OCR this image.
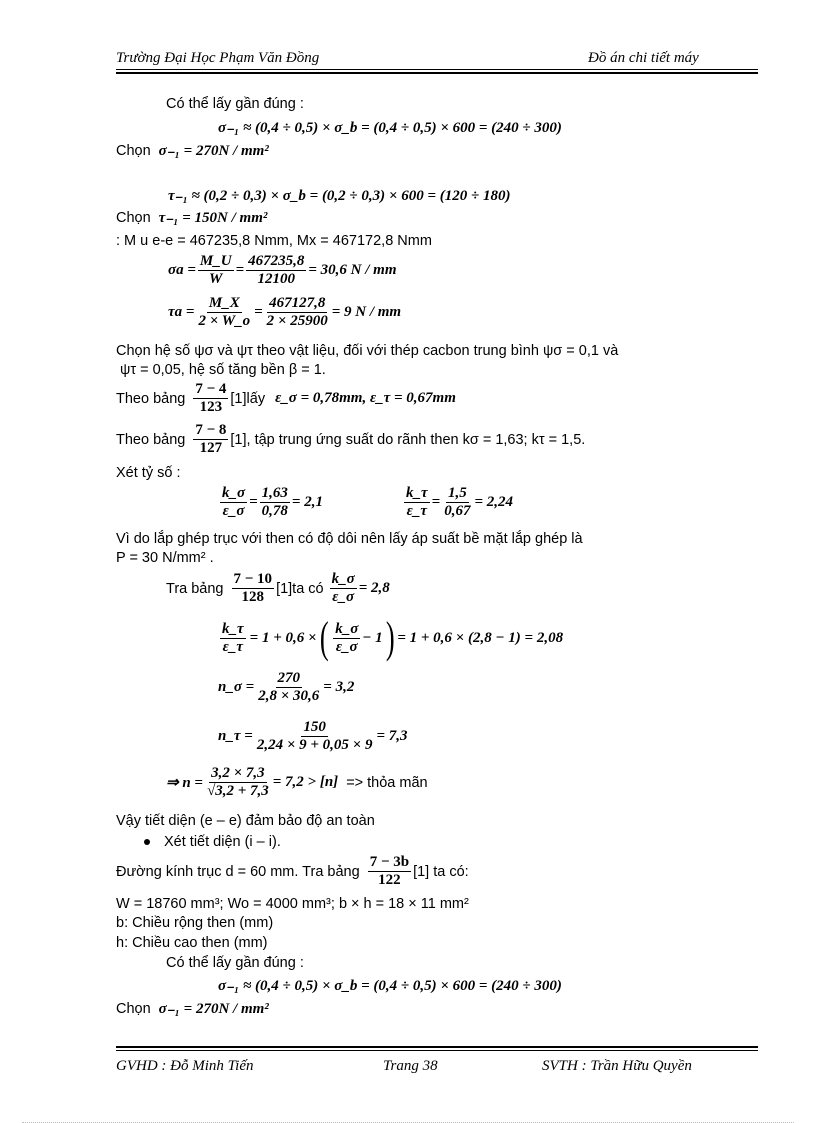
Trường Đại Học Phạm Văn Đồng	Đồ án chi tiết máy
Có thể lấy gần đúng :
σ₋₁ ≈ (0,4 ÷ 0,5) × σ_b = (0,4 ÷ 0,5) × 600 = (240 ÷ 300)
Chọn σ₋₁ = 270N / mm²
τ₋₁ ≈ (0,2 ÷ 0,3) × σ_b = (0,2 ÷ 0,3) × 600 = (120 ÷ 180)
Chọn τ₋₁ = 150N / mm²
: M u e-e = 467235,8 Nmm, Mx = 467172,8 Nmm
$\sigma a = \frac{M\_U}{W} = \frac{467235,8}{12100} = 30,6$ N / mm
$\tau a = \frac{M\_X}{2 \times W\_o} = \frac{467127,8}{2 \times 25900} = 9$ N / mm
Chọn hệ số ψσ và ψτ theo vật liệu, đối với thép cacbon trung bình ψσ = 0,1 và
ψτ = 0,05, hệ số tăng bền β = 1.
Theo bảng $\frac{7 - 4}{123}$ [1]lấy ε_σ = 0,78mm, ε_τ = 0,67mm
Theo bảng $\frac{7 - 8}{127} [1]$, tập trung ứng suất do rãnh then kσ = 1,63; kτ = 1,5.
Xét tỷ số :
$\frac{k\_\sigma}{\varepsilon\_\sigma} = \frac{1,63}{0,78} = 2,1$	$\frac{k\_\tau}{\varepsilon\_\tau} = \frac{1,5}{0,67} = 2,24$
Vì do lắp ghép trục với then có độ dôi nên lấy áp suất bề mặt lắp ghép là
P = 30 N/mm² .
Tra bảng $\frac{7 - 10}{128} [1]ta$ có $\frac{k\_\sigma}{\varepsilon\_\sigma} = 2,8$
$\frac{k\_\tau}{\varepsilon\_\tau} = 1 + 0,6$ × ( $\frac{k\_\sigma}{\varepsilon\_\sigma} - 1$ ) = 1 + 0,6 × (2,8 − 1) = 2,08
n_σ = $\frac{270}{2,8 \times 30,6} = 3,2$
n_τ = $\frac{150}{2,24 \times 9 + 0,05 \times 9} = 7,3$
⇒ $n = \frac{3,2 \times 7,3}{√3,2 + 7,3} = 7,2 > [n]$ => thỏa mãn
Vậy tiết diện (e – e) đảm bảo độ an toàn
Xét tiết diện (i – i).
Đường kính trục d = 60 mm. Tra bảng $\frac{7 - 3b}{122} [1]$ ta có:
W = 18760 mm³; Wo = 4000 mm³; b × h = 18 × 11 mm²
b: Chiều rộng then (mm)
h: Chiều cao then (mm)
Có thể lấy gần đúng :
σ₋₁ ≈ (0,4 ÷ 0,5) × σ_b = (0,4 ÷ 0,5) × 600 = (240 ÷ 300)
Chọn σ₋₁ = 270N / mm²
GVHD : Đỗ Minh Tiến	Trang 38	SVTH : Trần Hữu Quyền
